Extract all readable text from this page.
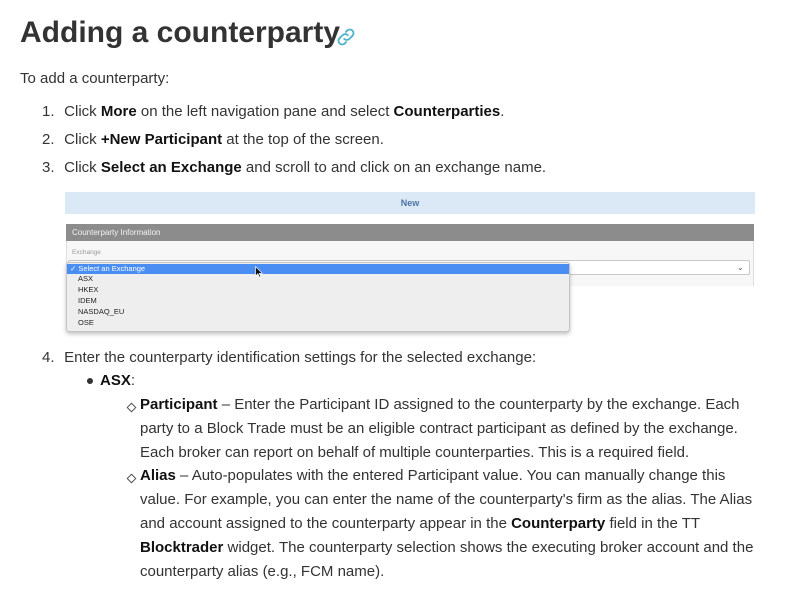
Adding a counterparty
To add a counterparty:
1. Click More on the left navigation pane and select Counterparties.
2. Click +New Participant at the top of the screen.
3. Click Select an Exchange and scroll to and click on an exchange name.
New
Counterparty Information
Exchange
⌄
✓ Select an Exchange
ASX
HKEX
IDEM
NASDAQ_EU
OSE
4. Enter the counterparty identification settings for the selected exchange:
ASX:

Participant – Enter the Participant ID assigned to the counterparty by the exchange. Each party to a Block Trade must be an eligible contract participant as defined by the exchange. Each broker can report on behalf of multiple counterparties. This is a required field.

Alias – Auto-populates with the entered Participant value. You can manually change this value. For example, you can enter the name of the counterparty's firm as the alias. The Alias and account assigned to the counterparty appear in the Counterparty field in the TT Blocktrader widget. The counterparty selection shows the executing broker account and the counterparty alias (e.g., FCM name).
